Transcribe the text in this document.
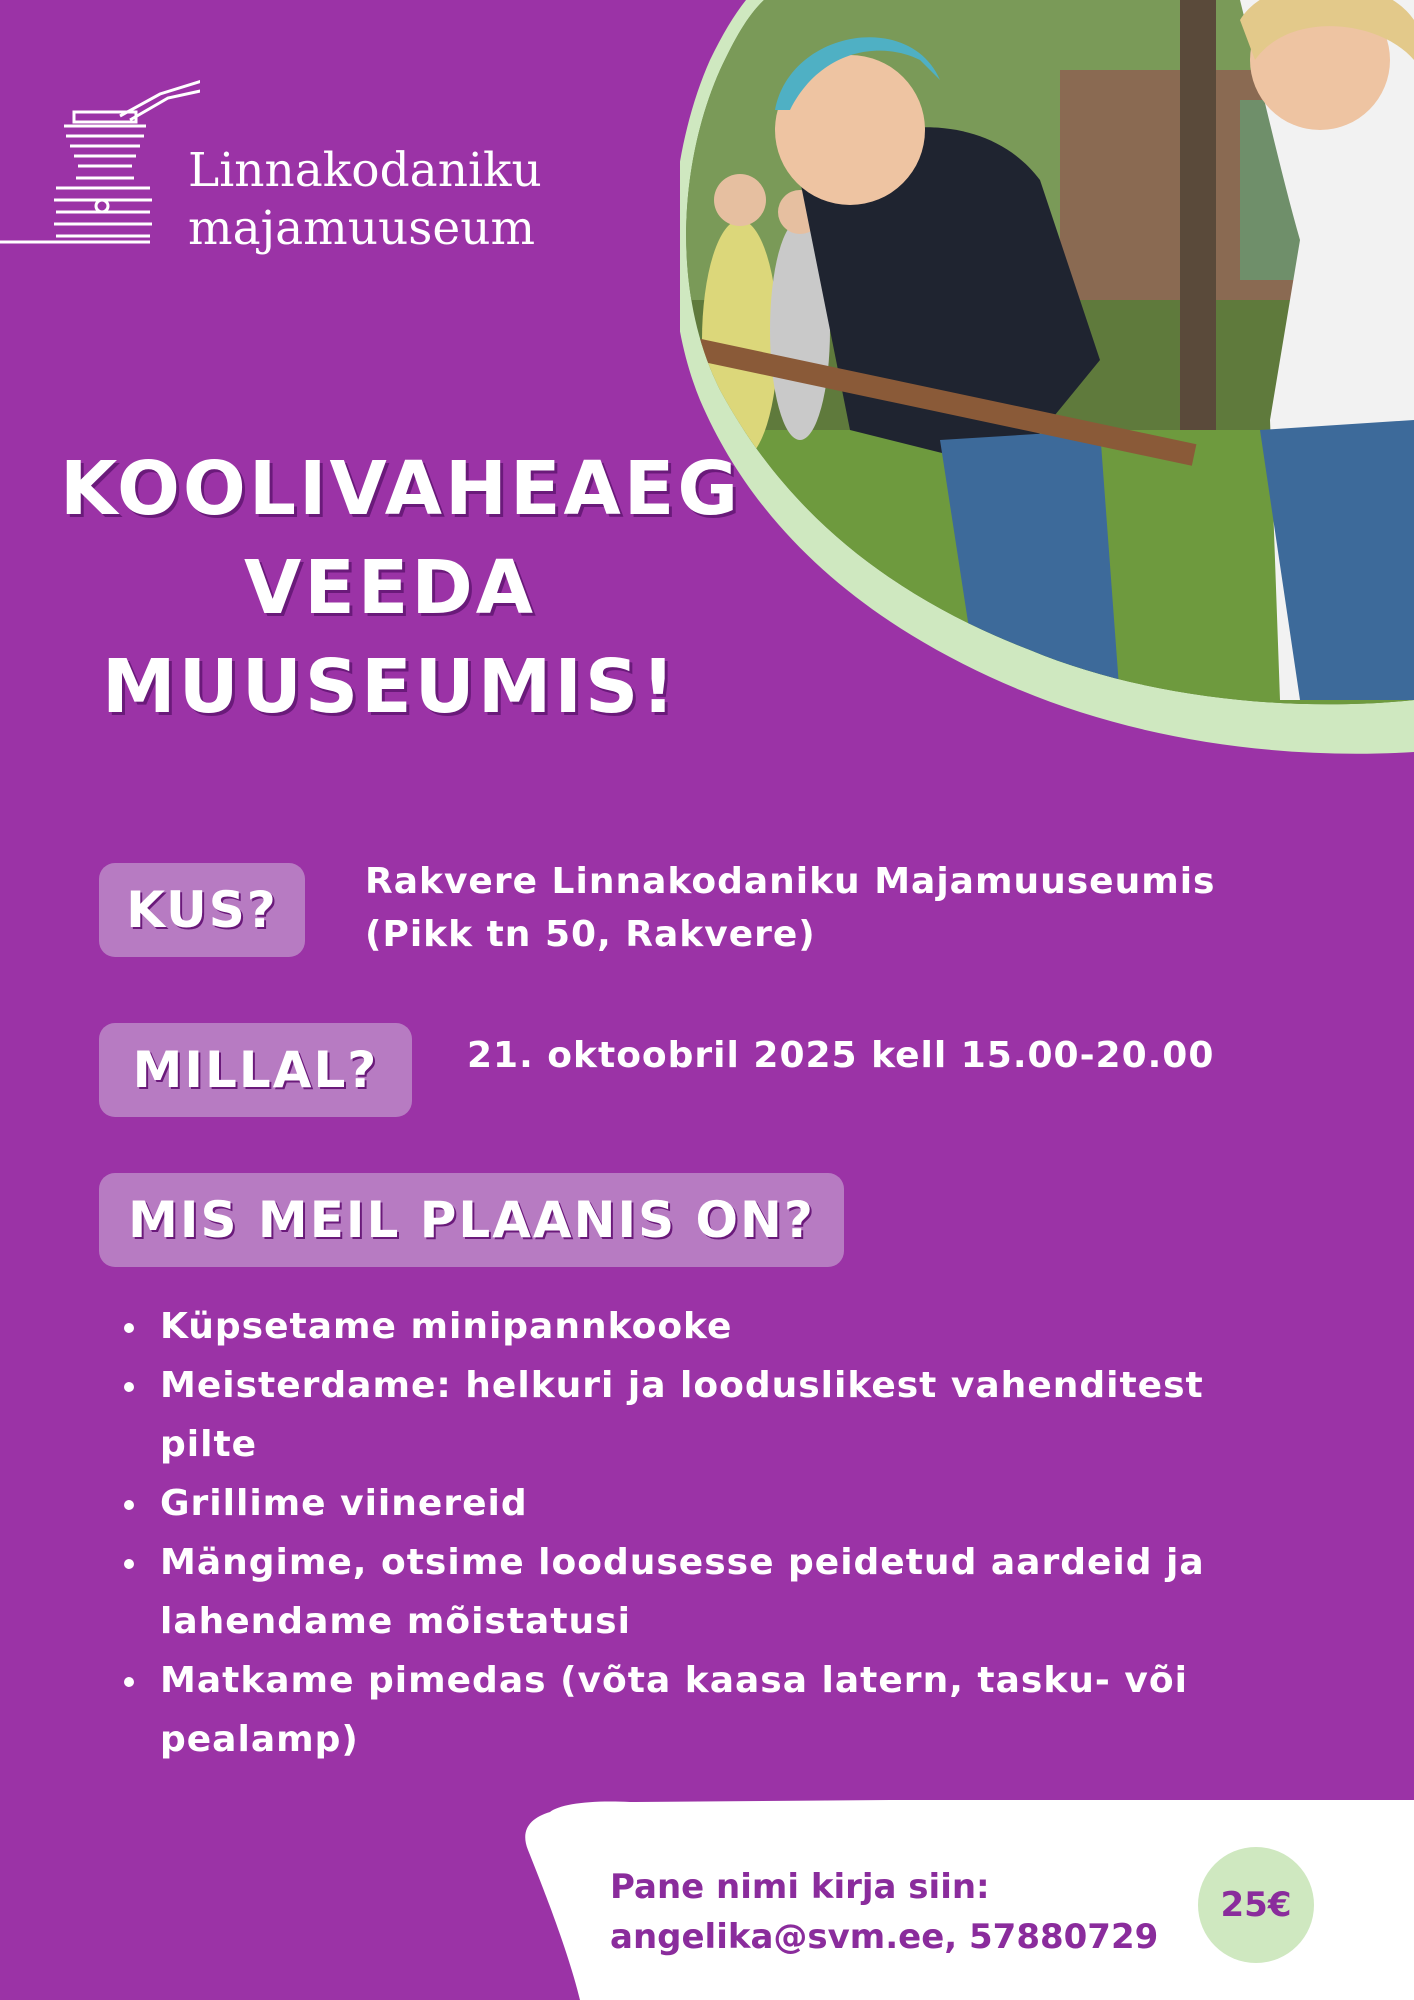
Linnakodaniku
majamuuseum
KOOLIVAHEAEG
VEEDA
MUUSEUMIS!
KUS?	Rakvere Linnakodaniku Majamuuseumis
(Pikk tn 50, Rakvere)
MILLAL?	21. oktoobril 2025 kell 15.00-20.00
MIS MEIL PLAANIS ON?
Küpsetame minipannkooke
Meisterdame: helkuri ja looduslikest vahenditest pilte
Grillime viinereid
Mängime, otsime loodusesse peidetud aardeid ja lahendame mõistatusi
Matkame pimedas (võta kaasa latern, tasku- või pealamp)
Pane nimi kirja siin:
angelika@svm.ee, 57880729
25€
